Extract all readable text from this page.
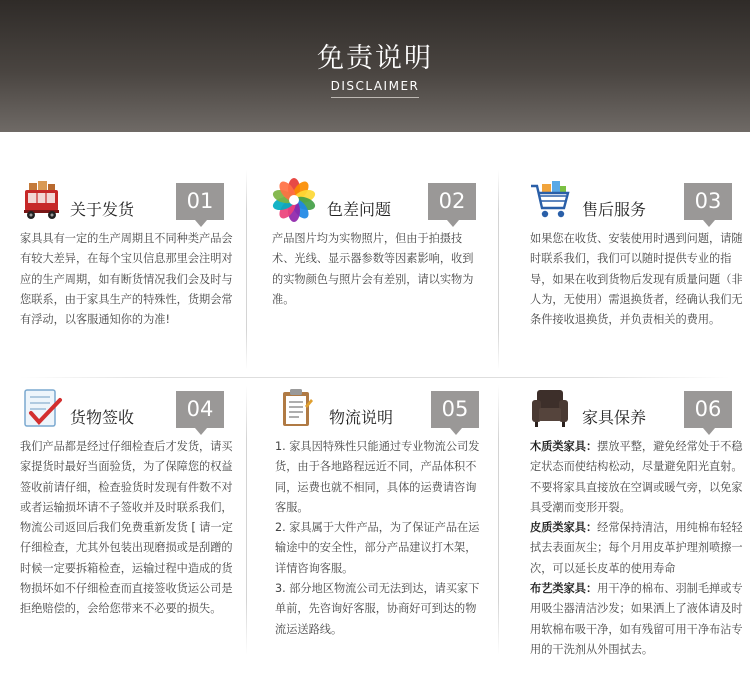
免责说明
DISCLAIMER
关于发货	01

家具具有一定的生产周期且不同种类产品会有较大差异，在每个宝贝信息那里会注明对应的生产周期，如有断货情况我们会及时与您联系，由于家具生产的特殊性，货期会常有浮动，以客服通知你的为准!

色差问题	02

产品图片均为实物照片，但由于拍摄技术、光线、显示器参数等因素影响，收到的实物颜色与照片会有差别，请以实物为准。

售后服务	03

如果您在收货、安装使用时遇到问题，请随时联系我们，我们可以随时提供专业的指导，如果在收到货物后发现有质量问题（非人为，无使用）需退换货者，经确认我们无条件接收退换货，并负责相关的费用。

货物签收	04

我们产品都是经过仔细检查后才发货，请买家提货时最好当面验货，为了保障您的权益签收前请仔细，检查验货时发现有件数不对或者运输损坏请不子签收并及时联系我们，物流公司返回后我们免费重新发货 [ 请一定仔细检查，尤其外包装出现磨损或是刮蹭的时候一定要拆箱检查，运输过程中造成的货物损坏如不仔细检查而直接签收货运公司是拒绝赔偿的，会给您带来不必要的损失。

物流说明	05

1. 家具因特殊性只能通过专业物流公司发货，由于各地路程远近不同，产品体积不同，运费也就不相同，具体的运费请咨询客服。

2. 家具属于大件产品，为了保证产品在运输途中的安全性，部分产品建议打木架，详情咨询客服。

3. 部分地区物流公司无法到达，请买家下单前，先咨询好客服，协商好可到达的物流运送路线。

家具保养	06

木质类家具：摆放平整，避免经常处于不稳定状态而使结构松动，尽量避免阳光直射。不要将家具直接放在空调或暖气旁，以免家具受潮而变形开裂。

皮质类家具：经常保持清洁，用纯棉布轻轻拭去表面灰尘；每个月用皮革护理剂喷擦一次，可以延长皮革的使用寿命

布艺类家具：用干净的棉布、羽制毛掸或专用吸尘器清洁沙发；如果洒上了液体请及时用软棉布吸干净，如有残留可用干净布沾专用的干洗剂从外围拭去。
